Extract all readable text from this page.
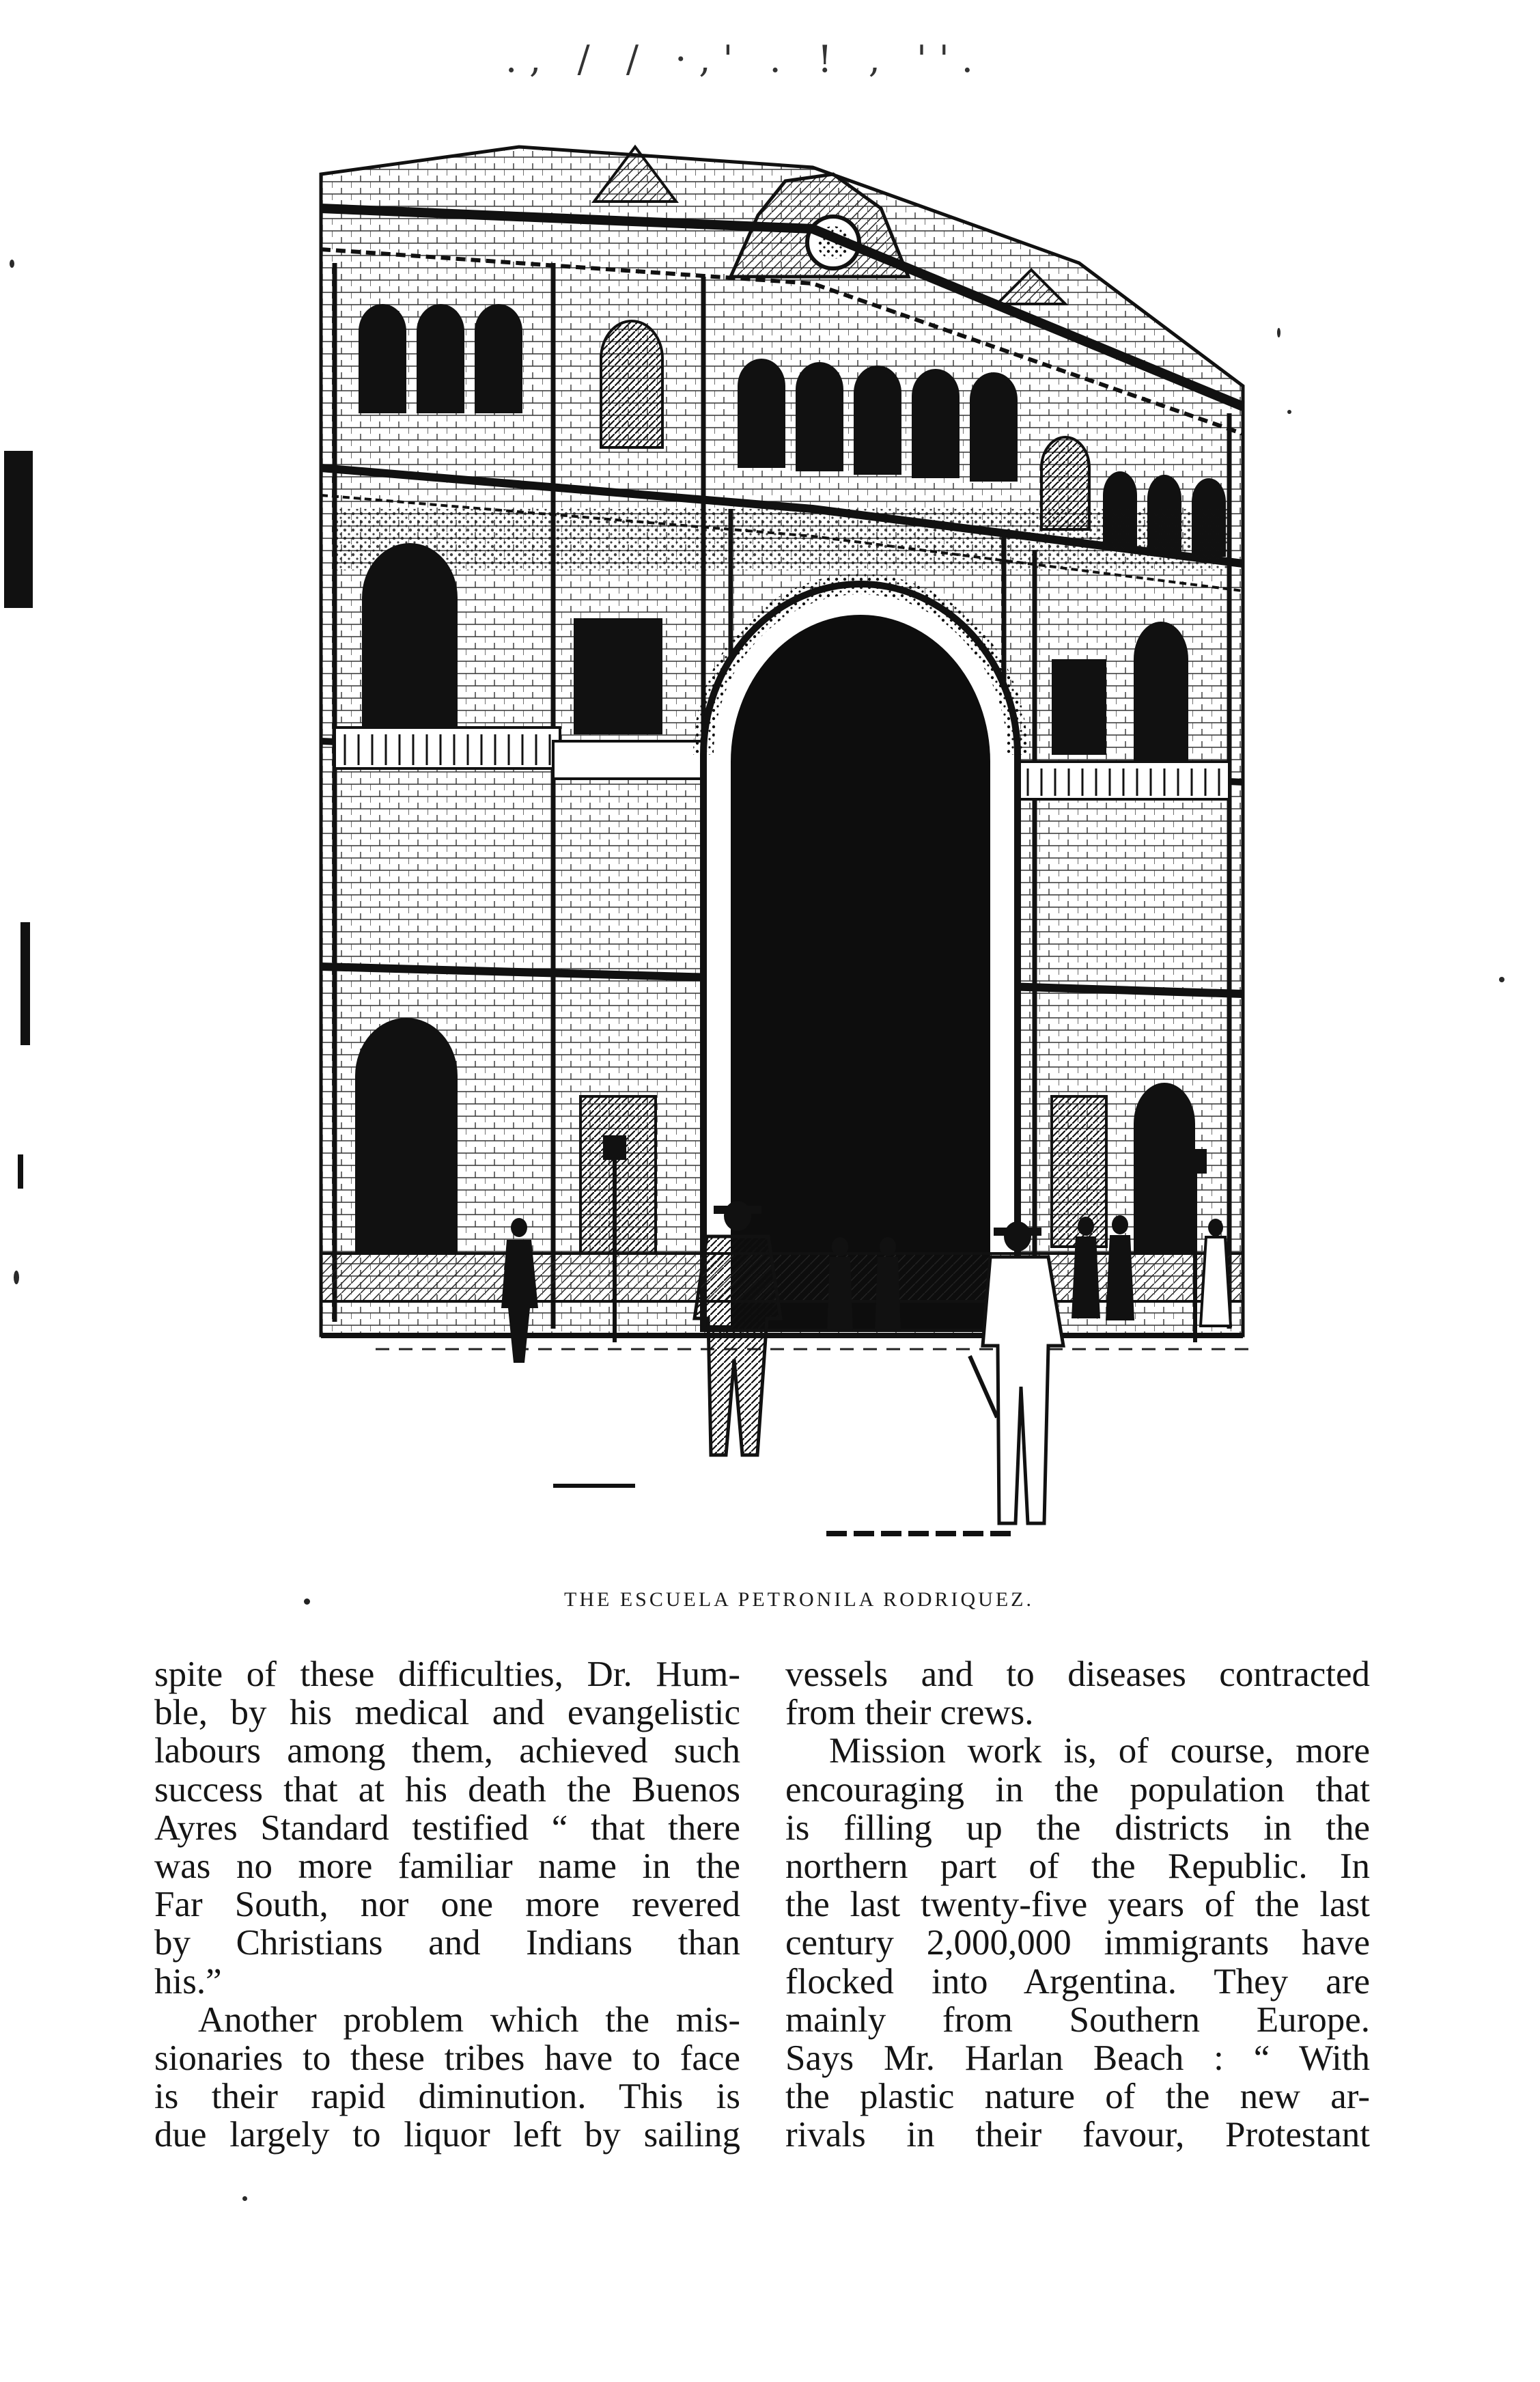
., / / ·,' . ! , ''.
THE ESCUELA PETRONILA RODRIQUEZ.
spite of these difficulties, Dr. Hum-
ble, by his medical and evangelistic
labours among them, achieved such
success that at his death the Buenos
Ayres Standard testified “ that there
was no more familiar name in the
Far South, nor one more revered
by Christians and Indians than
his.”
Another problem which the mis-
sionaries to these tribes have to face
is their rapid diminution. This is
due largely to liquor left by sailing
vessels and to diseases contracted
from their crews.
Mission work is, of course, more
encouraging in the population that
is filling up the districts in the
northern part of the Republic. In
the last twenty-five years of the last
century 2,000,000 immigrants have
flocked into Argentina. They are
mainly from Southern Europe.
Says Mr. Harlan Beach : “ With
the plastic nature of the new ar-
rivals in their favour, Protestant
